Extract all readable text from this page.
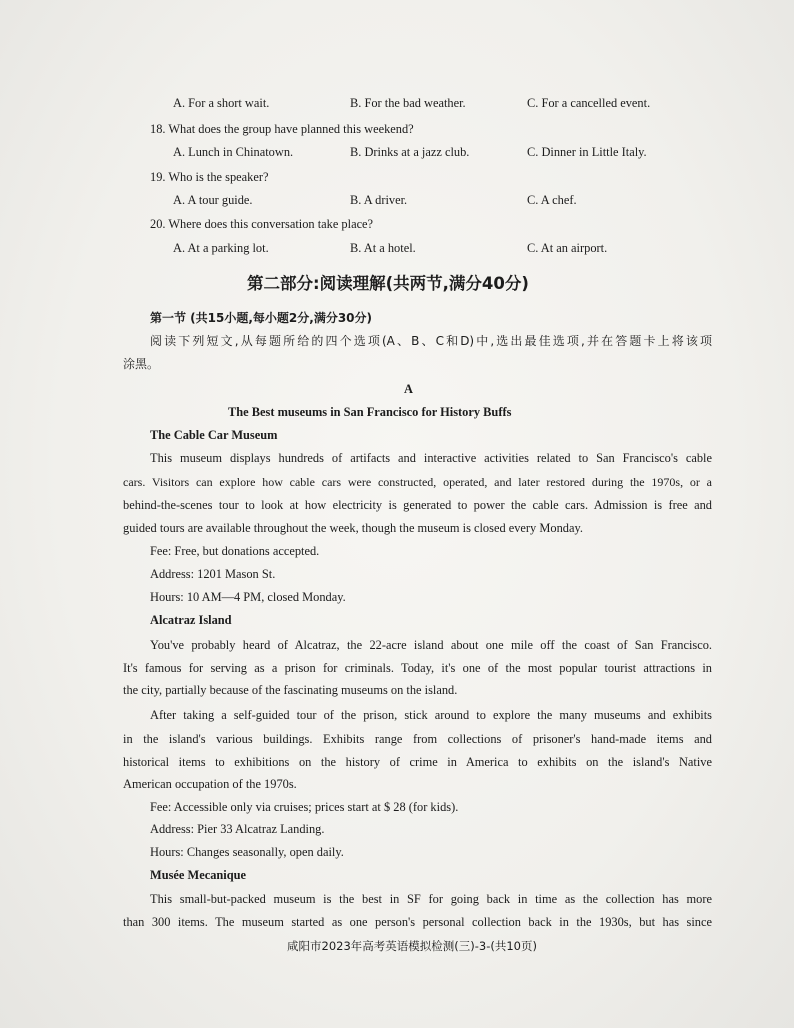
A. For a short wait.	B. For the bad weather.	C. For a cancelled event.
18. What does the group have planned this weekend?
A. Lunch in Chinatown.	B. Drinks at a jazz club.	C. Dinner in Little Italy.
19. Who is the speaker?
A. A tour guide.	B. A driver.	C. A chef.
20. Where does this conversation take place?
A. At a parking lot.	B. At a hotel.	C. At an airport.
第二部分:阅读理解(共两节,满分40分)
第一节 (共15小题,每小题2分,满分30分)
阅读下列短文,从每题所给的四个选项(A、B、C和D)中,选出最佳选项,并在答题卡上将该项
涂黑。
A
The Best museums in San Francisco for History Buffs
The Cable Car Museum
This museum displays hundreds of artifacts and interactive activities related to San Francisco's cable
cars. Visitors can explore how cable cars were constructed, operated, and later restored during the 1970s, or a
behind-the-scenes tour to look at how electricity is generated to power the cable cars. Admission is free and
guided tours are available throughout the week, though the museum is closed every Monday.
Fee: Free, but donations accepted.
Address: 1201 Mason St.
Hours: 10 AM—4 PM, closed Monday.
Alcatraz Island
You've probably heard of Alcatraz, the 22-acre island about one mile off the coast of San Francisco.
It's famous for serving as a prison for criminals. Today, it's one of the most popular tourist attractions in
the city, partially because of the fascinating museums on the island.
After taking a self-guided tour of the prison, stick around to explore the many museums and exhibits
in the island's various buildings. Exhibits range from collections of prisoner's hand-made items and
historical items to exhibitions on the history of crime in America to exhibits on the island's Native
American occupation of the 1970s.
Fee: Accessible only via cruises; prices start at $ 28 (for kids).
Address: Pier 33 Alcatraz Landing.
Hours: Changes seasonally, open daily.
Musée Mecanique
This small-but-packed museum is the best in SF for going back in time as the collection has more
than 300 items. The museum started as one person's personal collection back in the 1930s, but has since
咸阳市2023年高考英语模拟检测(三)-3-(共10页)
